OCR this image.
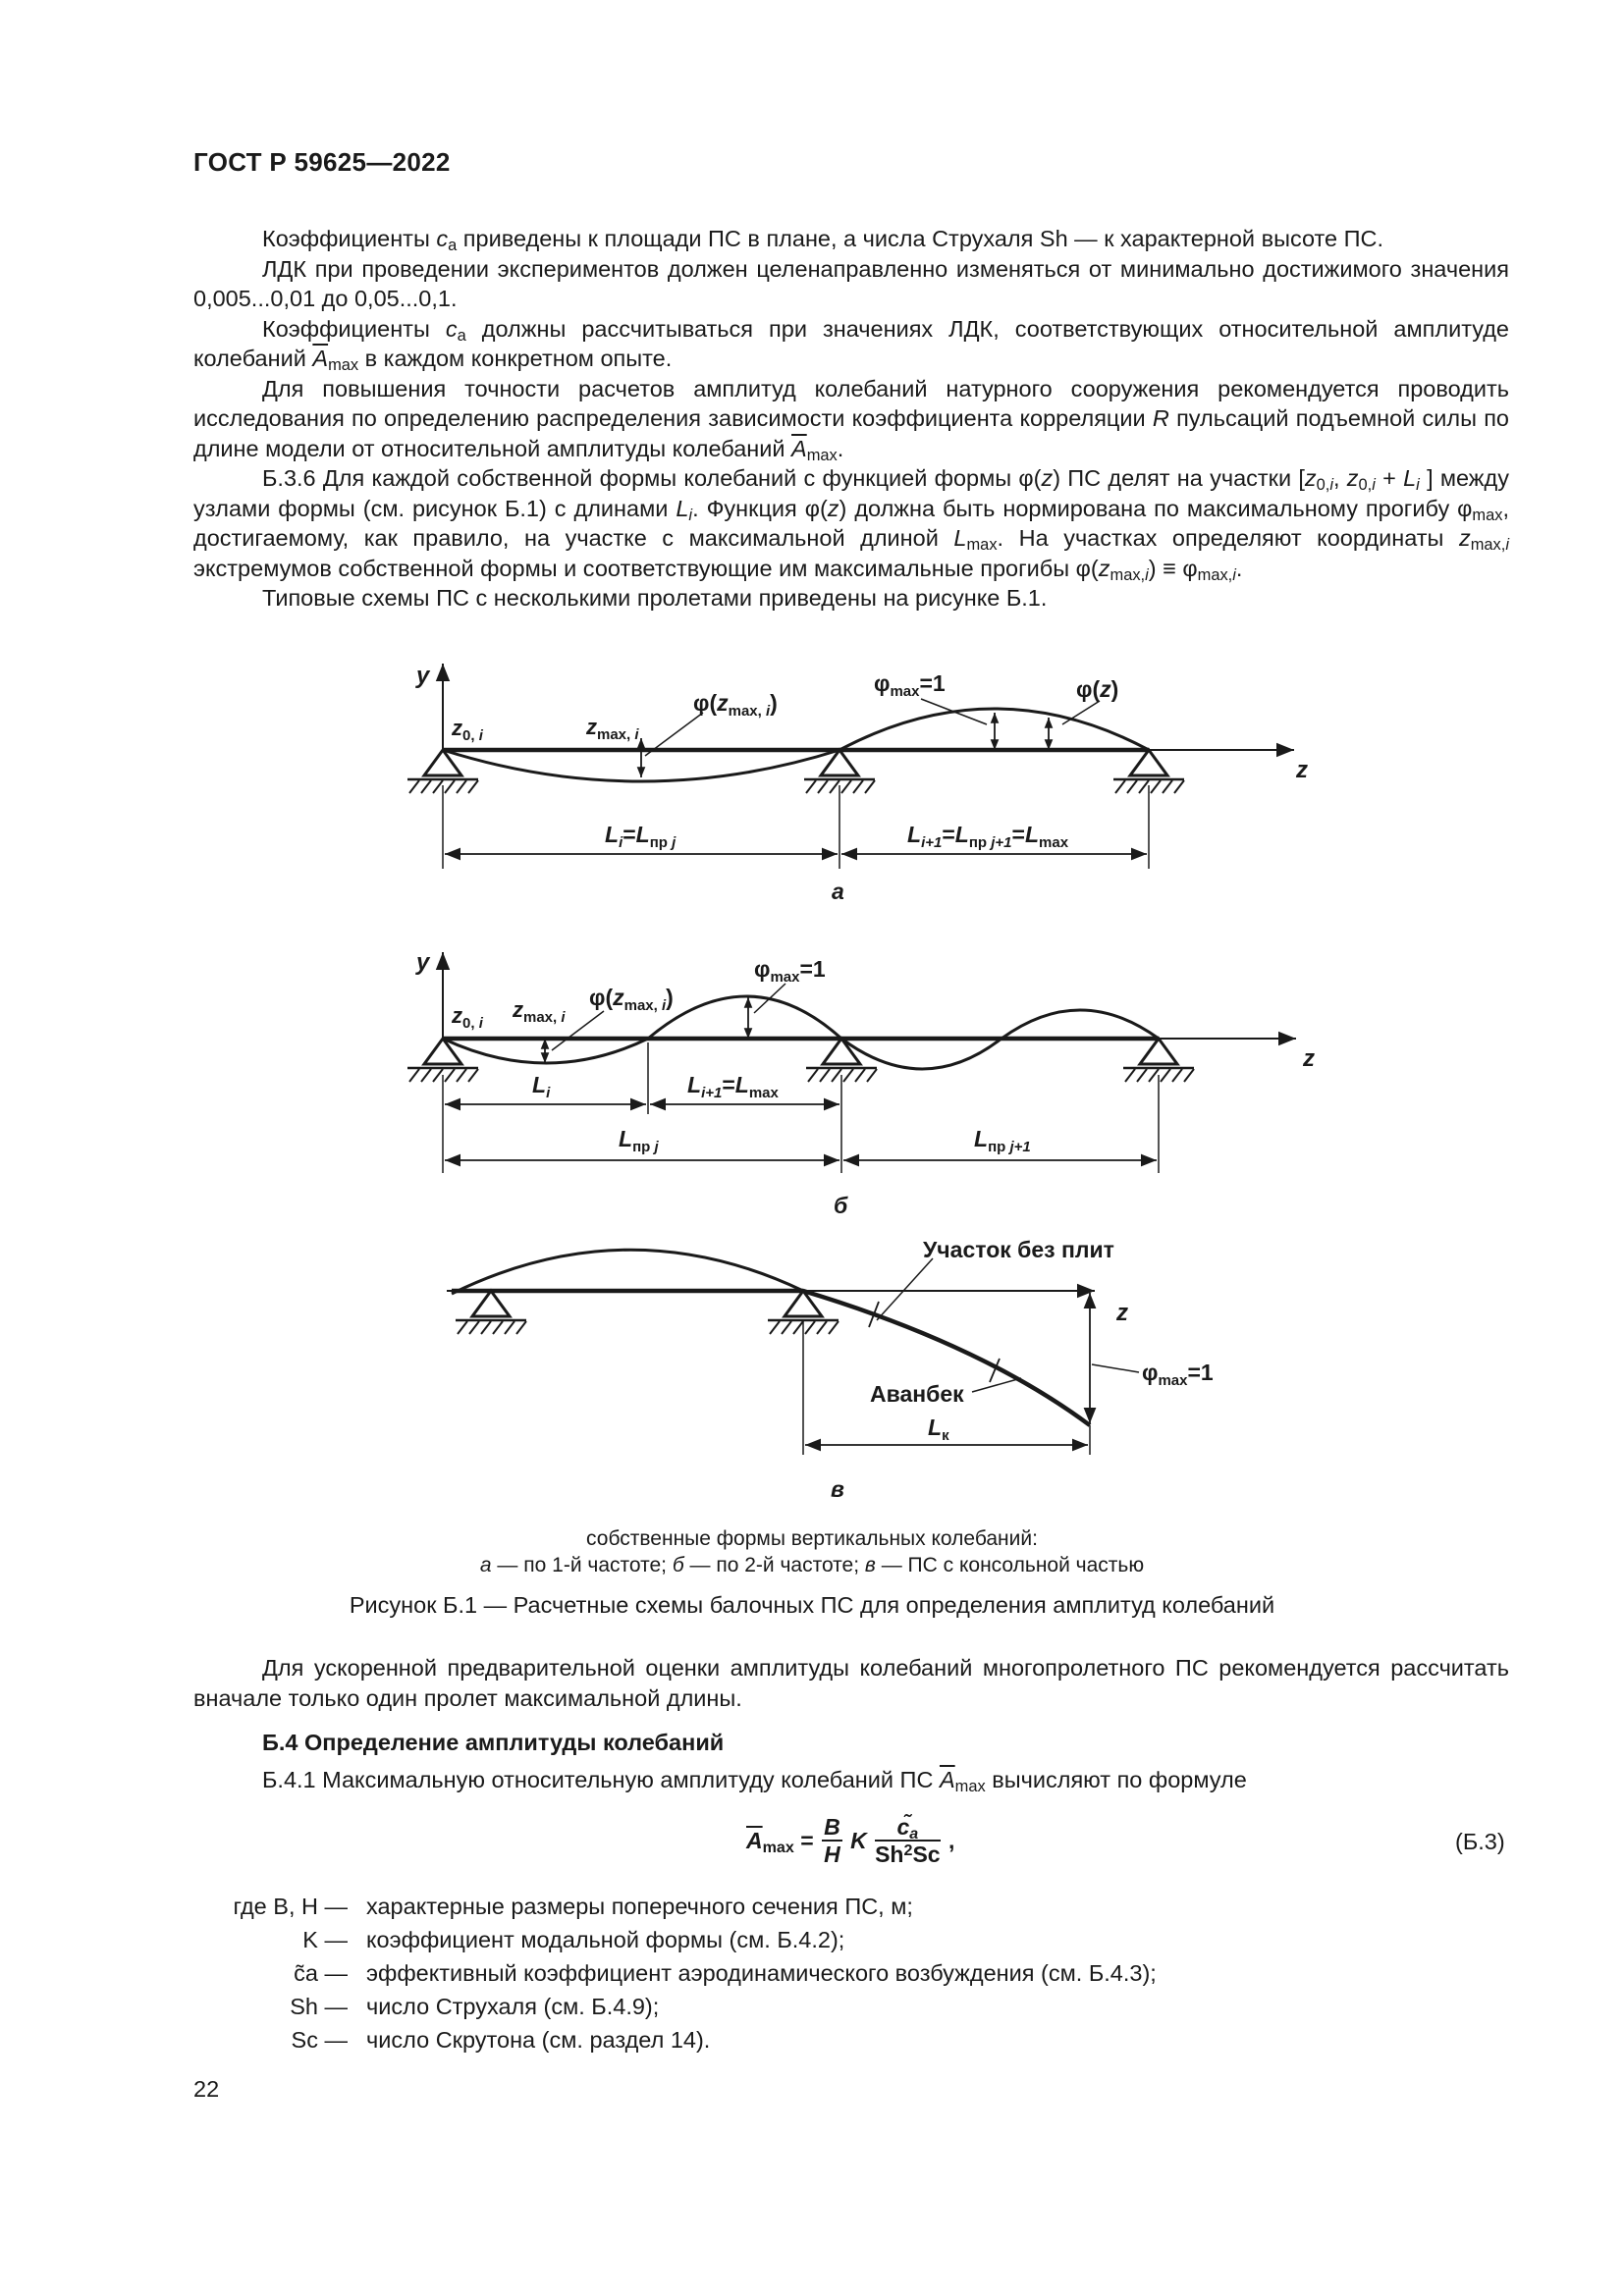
ГОСТ Р 59625—2022

Коэффициенты $c_a$ приведены к площади ПС в плане, а числа Струхаля Sh — к характерной высоте ПС.

ЛДК при проведении экспериментов должен целенаправленно изменяться от минимально достижимого значения 0,005...0,01 до 0,05...0,1.

Коэффициенты $c_a$ должны рассчитываться при значениях ЛДК, соответствующих относительной амплитуде колебаний $\overline{A}_{max}$ в каждом конкретном опыте.

Для повышения точности расчетов амплитуд колебаний натурного сооружения рекомендуется проводить исследования по определению распределения зависимости коэффициента корреляции R пульсаций подъемной силы по длине модели от относительной амплитуды колебаний $\overline{A}_{max}$.

Б.3.6 Для каждой собственной формы колебаний с функцией формы φ(z) ПС делят на участки [$z_{0,i}$, $z_{0,i} + L_i$ ] между узлами формы (см. рисунок Б.1) с длинами $L_i$. Функция φ(z) должна быть нормирована по максимальному прогибу $\varphi_{max}$, достигаемому, как правило, на участке с максимальной длиной $L_{max}$. На участках определяют координаты $z_{max,i}$ экстремумов собственной формы и соответствующие им максимальные прогибы $\varphi(z_{max,i}) \equiv \varphi_{max,i}$.

Типовые схемы ПС с несколькими пролетами приведены на рисунке Б.1.

y
z
$z_{0,}$ i	$z_{max,}$ i
$\varphi(z_{max,}$ i)
$\varphi_{max}=1$	φ(z)
$L_i=L_{пр}$ j	$L_{i+1}=L_{пр}$ $j+1=L_{max}$
а
y
z
$z_{0,}$ i
$z_{max,}$ i
$\varphi(z_{max,}$ i)
$\varphi_{max}=1$
$L_i$	$L_{i+1}=L_{max}$
$L_{пр}$ j	$L_{пр}$ j+1
б
z
Участок без плит
Аванбек
$\varphi_{max}=1$
$L_к$
в
собственные формы вертикальных колебаний:
а — по 1-й частоте; б — по 2-й частоте; в — ПС с консольной частью
Рисунок Б.1 — Расчетные схемы балочных ПС для определения амплитуд колебаний

Для ускоренной предварительной оценки амплитуды колебаний многопролетного ПС рекомендуется рассчитать вначале только один пролет максимальной длины.

Б.4 Определение амплитуды колебаний
Б.4.1 Максимальную относительную амплитуду колебаний ПС $\overline{A}_{max}$ вычисляют по формуле
$\overline{A}_{max} = \frac{B}{H}$ K $\frac{c̃_a}{Sh^2Sc}$ ,	(Б.3)
где B, H — характерные размеры поперечного сечения ПС, м;
K — коэффициент модальной формы (см. Б.4.2);
c̃a — эффективный коэффициент аэродинамического возбуждения (см. Б.4.3);
Sh — число Струхаля (см. Б.4.9);
Sc — число Скрутона (см. раздел 14).
22
